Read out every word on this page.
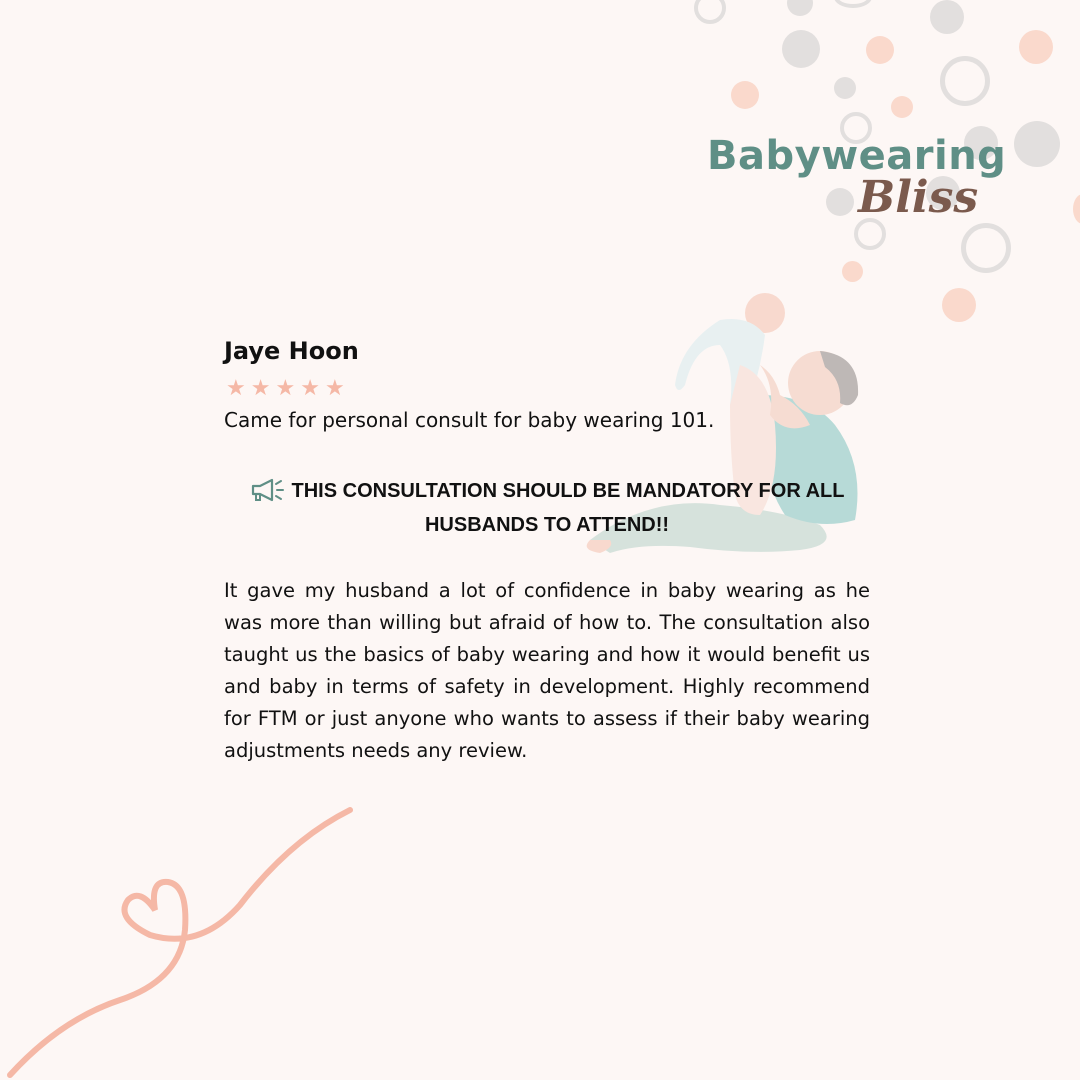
Babywearing
Bliss
Jaye Hoon
★ ★ ★ ★ ★
Came for personal consult for baby wearing 101.
THIS CONSULTATION SHOULD BE MANDATORY FOR ALL HUSBANDS TO ATTEND!!

It gave my husband a lot of confidence in baby wearing as he was more than willing but afraid of how to. The consultation also taught us the basics of baby wearing and how it would benefit us and baby in terms of safety in development. Highly recommend for FTM or just anyone who wants to assess if their baby wearing adjustments needs any review.
